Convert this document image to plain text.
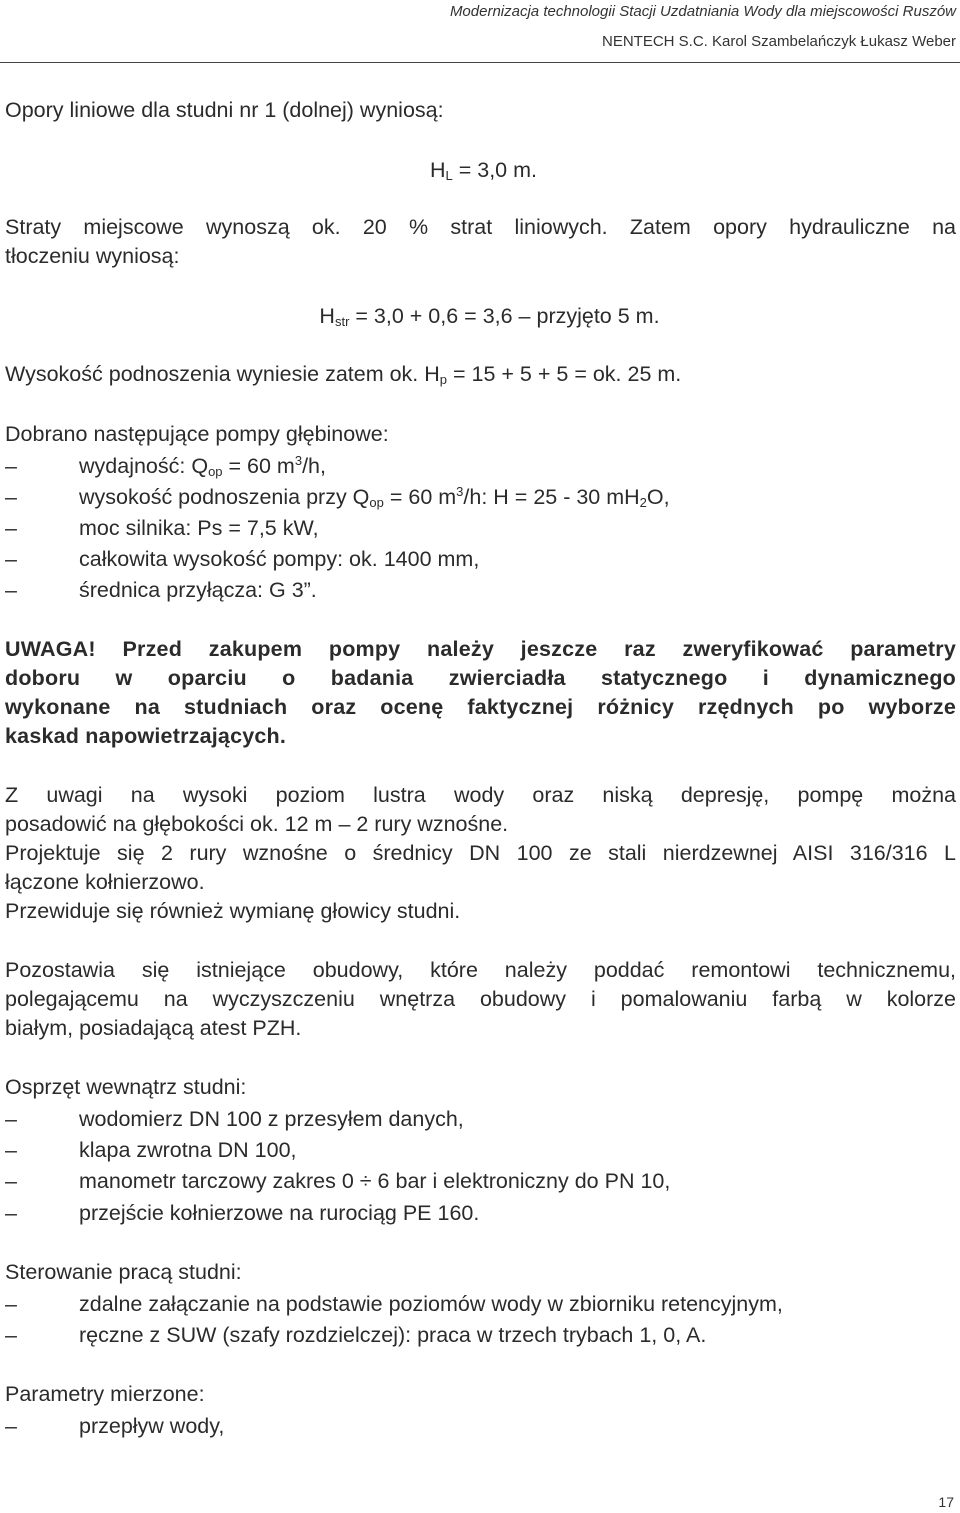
Modernizacja technologii Stacji Uzdatniania Wody dla miejscowości Ruszów
NENTECH S.C. Karol Szambelańczyk Łukasz Weber

Opory liniowe dla studni nr 1 (dolnej) wyniosą:

$H_L = 3,0$ m.

Straty miejscowe wynoszą ok. 20 % strat liniowych. Zatem opory hydrauliczne na

tłoczeniu wyniosą:

$H_{str} = 3,0 + 0,6 = 3,6$ – przyjęto 5 m.

Wysokość podnoszenia wyniesie zatem ok. $H_p = 15 + 5 + 5$ = ok. 25 m.

Dobrano następujące pompy głębinowe:

–	wydajność: $Q_{op} = 60$ $m^3/h$,
–	wysokość podnoszenia przy $Q_{op} = 60$ $m^3/h$: H = 25 - 30 $mH_2O$,
–	moc silnika: Ps = 7,5 kW,
–	całkowita wysokość pompy: ok. 1400 mm,
–	średnica przyłącza: G 3”.

UWAGA! Przed zakupem pompy należy jeszcze raz zweryfikować parametry

doboru w oparciu o badania zwierciadła statycznego i dynamicznego

wykonane na studniach oraz ocenę faktycznej różnicy rzędnych po wyborze

kaskad napowietrzających.

Z uwagi na wysoki poziom lustra wody oraz niską depresję, pompę można

posadowić na głębokości ok. 12 m – 2 rury wznośne.

Projektuje się 2 rury wznośne o średnicy DN 100 ze stali nierdzewnej AISI 316/316 L

łączone kołnierzowo.

Przewiduje się również wymianę głowicy studni.

Pozostawia się istniejące obudowy, które należy poddać remontowi technicznemu,

polegającemu na wyczyszczeniu wnętrza obudowy i pomalowaniu farbą w kolorze

białym, posiadającą atest PZH.

Osprzęt wewnątrz studni:

–	wodomierz DN 100 z przesyłem danych,
–	klapa zwrotna DN 100,
–	manometr tarczowy zakres 0 ÷ 6 bar i elektroniczny do PN 10,
–	przejście kołnierzowe na rurociąg PE 160.

Sterowanie pracą studni:

–	zdalne załączanie na podstawie poziomów wody w zbiorniku retencyjnym,
–	ręczne z SUW (szafy rozdzielczej): praca w trzech trybach 1, 0, A.

Parametry mierzone:

–	przepływ wody,
17
